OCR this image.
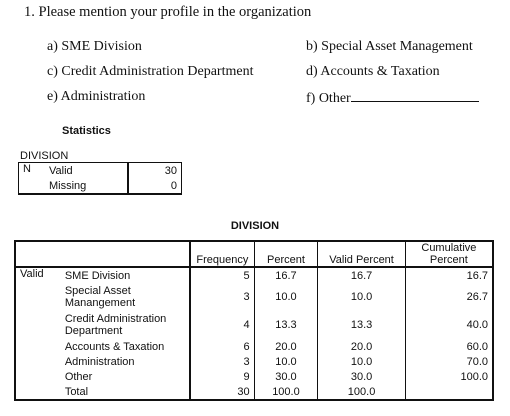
1. Please mention your profile in the organization
a) SME Division	b) Special Asset Management
c) Credit Administration Department	d) Accounts & Taxation
e) Administration	f) Other
Statistics
DIVISION
N	Valid	30
	Missing	0
DIVISION
		Frequency	Percent	Valid Percent	Cumulative Percent
Valid	SME Division	5	16.7	16.7	16.7
	Special Asset Manangement	3	10.0	10.0	26.7
	Credit Administration Department	4	13.3	13.3	40.0
	Accounts & Taxation	6	20.0	20.0	60.0
	Administration	3	10.0	10.0	70.0
	Other	9	30.0	30.0	100.0
	Total	30	100.0	100.0	
